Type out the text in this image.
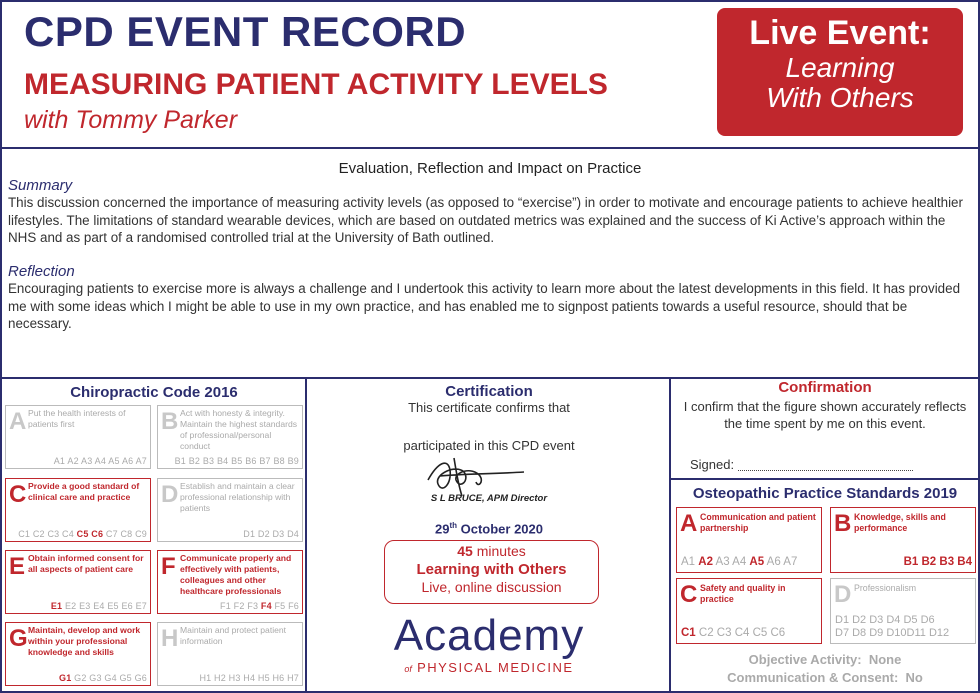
CPD EVENT RECORD
MEASURING PATIENT ACTIVITY LEVELS
with Tommy Parker
Live Event:
Learning
With Others
Evaluation, Reflection and Impact on Practice
Summary
This discussion concerned the importance of measuring activity levels (as opposed to “exercise”) in order to motivate and encourage patients to achieve healthier lifestyles. The limitations of standard wearable devices, which are based on outdated metrics was explained and the success of Ki Active’s approach within the NHS and as part of a randomised controlled trial at the University of Bath outlined.
Reflection
Encouraging patients to exercise more is always a challenge and I undertook this activity to learn more about the latest developments in this field. It has provided me with some ideas which I might be able to use in my own practice, and has enabled me to signpost patients towards a useful resource, should that be necessary.
Chiropractic Code 2016
A Put the health interests of patients first
A1 A2 A3 A4 A5 A6 A7
B Act with honesty & integrity. Maintain the highest standards of professional/personal conduct
B1 B2 B3 B4 B5 B6 B7 B8 B9
C Provide a good standard of clinical care and practice
C1 C2 C3 C4 C5 C6 C7 C8 C9
D Establish and maintain a clear professional relationship with patients
D1 D2 D3 D4
E Obtain informed consent for all aspects of patient care
E1 E2 E3 E4 E5 E6 E7
F Communicate properly and effectively with patients, colleagues and other healthcare professionals
F1 F2 F3 F4 F5 F6
G Maintain, develop and work within your professional knowledge and skills
G1 G2 G3 G4 G5 G6
H Maintain and protect patient information
H1 H2 H3 H4 H5 H6 H7
Certification
This certificate confirms that
participated in this CPD event
S L BRUCE, APM Director
29th October 2020
45 minutes
Learning with Others
Live, online discussion
Academy
of PHYSICAL MEDICINE
Confirmation
I confirm that the figure shown accurately reflects the time spent by me on this event.
Signed:
Osteopathic Practice Standards 2019
A Communication and patient partnership
A1 A2 A3 A4 A5 A6 A7
B Knowledge, skills and performance
B1 B2 B3 B4
C Safety and quality in practice
C1 C2 C3 C4 C5 C6
D Professionalism
D1 D2 D3 D4 D5 D6
D7 D8 D9 D10D11 D12
Objective Activity: None
Communication & Consent: No
